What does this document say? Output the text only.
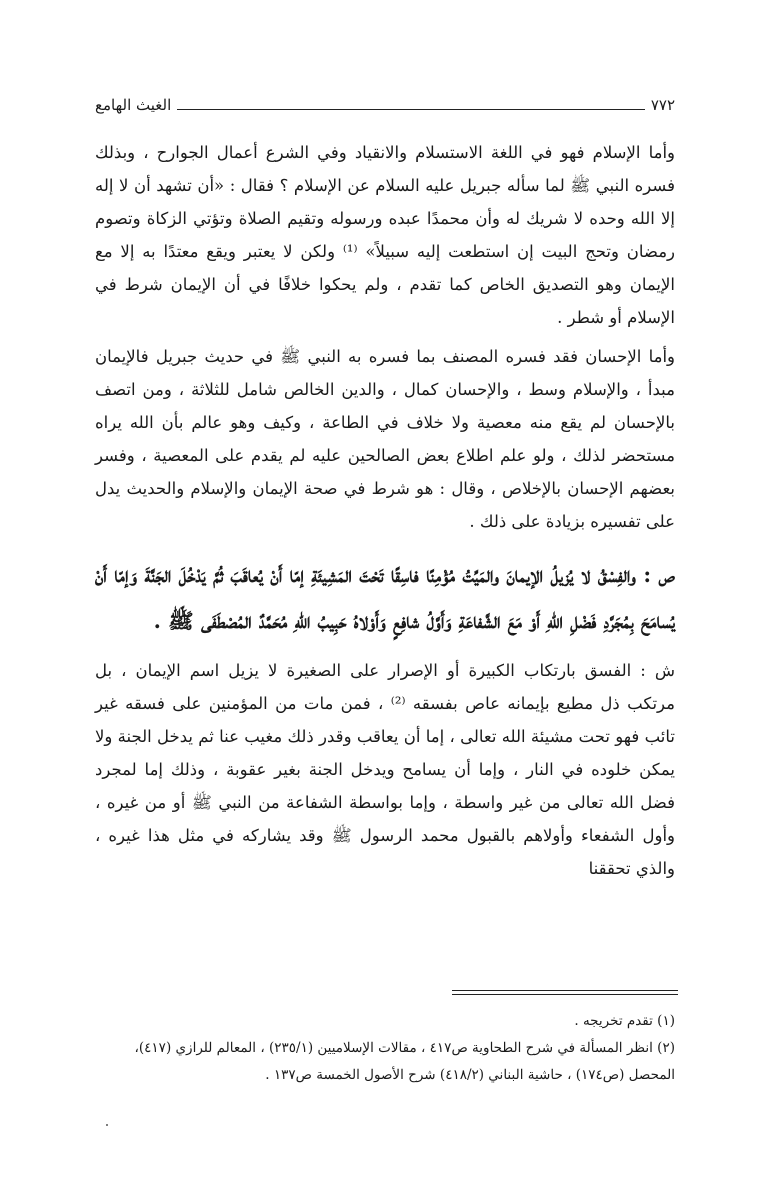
الغيث الهامع	٧٧٢

وأما الإسلام فهو في اللغة الاستسلام والانقياد وفي الشرع أعمال الجوارح ، وبذلك فسره النبي ﷺ لما سأله جبريل عليه السلام عن الإسلام ؟ فقال : «أن تشهد أن لا إله إلا الله وحده لا شريك له وأن محمدًا عبده ورسوله وتقيم الصلاة وتؤتي الزكاة وتصوم رمضان وتحج البيت إن استطعت إليه سبيلاً» ⁽¹⁾ ولكن لا يعتبر ويقع معتدًا به إلا مع الإيمان وهو التصديق الخاص كما تقدم ، ولم يحكوا خلافًا في أن الإيمان شرط في الإسلام أو شطر .

وأما الإحسان فقد فسره المصنف بما فسره به النبي ﷺ في حديث جبريل فالإيمان مبدأ ، والإسلام وسط ، والإحسان كمال ، والدين الخالص شامل للثلاثة ، ومن اتصف بالإحسان لم يقع منه معصية ولا خلاف في الطاعة ، وكيف وهو عالم بأن الله يراه مستحضر لذلك ، ولو علم اطلاع بعض الصالحين عليه لم يقدم على المعصية ، وفسر بعضهم الإحسان بالإخلاص ، وقال : هو شرط في صحة الإيمان والإسلام والحديث يدل على تفسيره بزيادة على ذلك .

ص : والفِسْقُ لا يُزيلُ الإيمانَ والمَيِّتُ مُؤْمِنًا فاسِقًا تَحْتَ المَشِيئَةِ إمّا أَنْ يُعاقَبَ ثُمَّ يَدْخُلَ الجَنَّةَ وَإمّا أَنْ يُسامَحَ بِمُجَرَّدِ فَضْلِ اللهِ أَوْ مَعَ الشَّفاعَةِ وَأَوَّلُ شافِعٍ وَأَوْلاهُ حَبِيبُ اللهِ مُحَمَّدٌ المُصْطَفَى ﷺ .

ش : الفسق بارتكاب الكبيرة أو الإصرار على الصغيرة لا يزيل اسم الإيمان ، بل مرتكب ذل مطيع بإيمانه عاص بفسقه ⁽²⁾ ، فمن مات من المؤمنين على فسقه غير تائب فهو تحت مشيئة الله تعالى ، إما أن يعاقب وقدر ذلك مغيب عنا ثم يدخل الجنة ولا يمكن خلوده في النار ، وإما أن يسامح ويدخل الجنة بغير عقوبة ، وذلك إما لمجرد فضل الله تعالى من غير واسطة ، وإما بواسطة الشفاعة من النبي ﷺ أو من غيره ، وأول الشفعاء وأولاهم بالقبول محمد الرسول ﷺ وقد يشاركه في مثل هذا غيره ، والذي تحققنا

(١) تقدم تخريجه .

(٢) انظر المسألة في شرح الطحاوية ص٤١٧ ، مقالات الإسلاميين (٢٣٥/١) ، المعالم للرازي (٤١٧)، المحصل (ص١٧٤) ، حاشية البناني (٤١٨/٢) شرح الأصول الخمسة ص١٣٧ .
